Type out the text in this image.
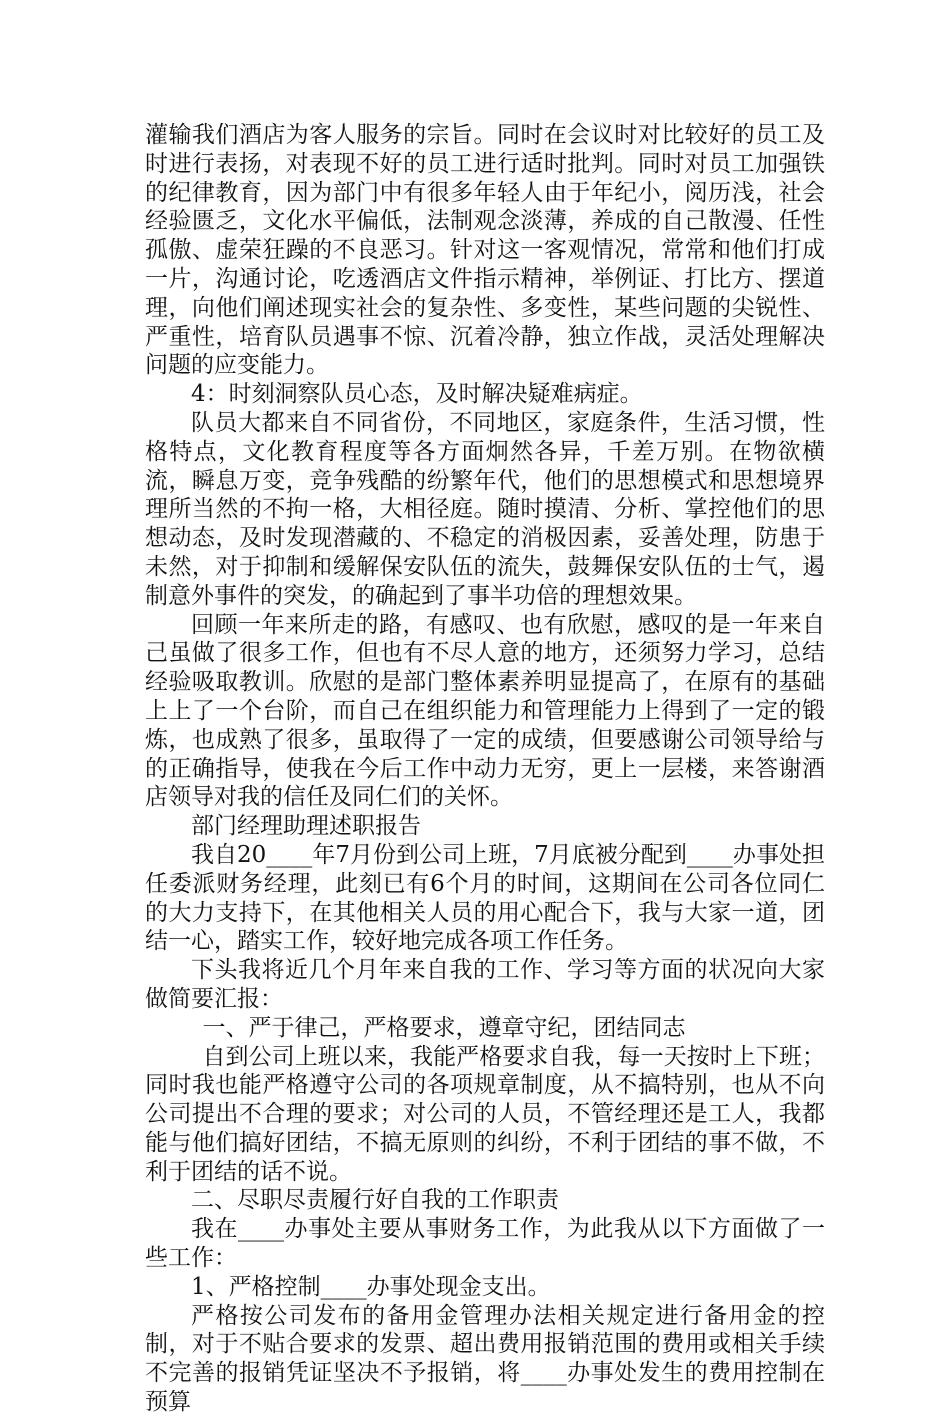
灌输我们酒店为客人服务的宗旨。同时在会议时对比较好的员工及时进行表扬，对表现不好的员工进行适时批判。同时对员工加强铁的纪律教育，因为部门中有很多年轻人由于年纪小，阅历浅，社会经验匮乏，文化水平偏低，法制观念淡薄，养成的自己散漫、任性孤傲、虚荣狂躁的不良恶习。针对这一客观情况，常常和他们打成一片，沟通讨论，吃透酒店文件指示精神，举例证、打比方、摆道理，向他们阐述现实社会的复杂性、多变性，某些问题的尖锐性、严重性，培育队员遇事不惊、沉着冷静，独立作战，灵活处理解决问题的应变能力。

4：时刻洞察队员心态，及时解决疑难病症。

队员大都来自不同省份，不同地区，家庭条件，生活习惯，性格特点，文化教育程度等各方面炯然各异，千差万别。在物欲横流，瞬息万变，竞争残酷的纷繁年代，他们的思想模式和思想境界理所当然的不拘一格，大相径庭。随时摸清、分析、掌控他们的思想动态，及时发现潜藏的、不稳定的消极因素，妥善处理，防患于未然，对于抑制和缓解保安队伍的流失，鼓舞保安队伍的士气，遏制意外事件的突发，的确起到了事半功倍的理想效果。

回顾一年来所走的路，有感叹、也有欣慰，感叹的是一年来自己虽做了很多工作，但也有不尽人意的地方，还须努力学习，总结经验吸取教训。欣慰的是部门整体素养明显提高了，在原有的基础上上了一个台阶，而自己在组织能力和管理能力上得到了一定的锻炼，也成熟了很多，虽取得了一定的成绩，但要感谢公司领导给与的正确指导，使我在今后工作中动力无穷，更上一层楼，来答谢酒店领导对我的信任及同仁们的关怀。

部门经理助理述职报告

我自20____年7月份到公司上班，7月底被分配到____办事处担任委派财务经理，此刻已有6个月的时间，这期间在公司各位同仁的大力支持下，在其他相关人员的用心配合下，我与大家一道，团结一心，踏实工作，较好地完成各项工作任务。

下头我将近几个月年来自我的工作、学习等方面的状况向大家做简要汇报：

一、严于律己，严格要求，遵章守纪，团结同志

自到公司上班以来，我能严格要求自我，每一天按时上下班；同时我也能严格遵守公司的各项规章制度，从不搞特别，也从不向公司提出不合理的要求；对公司的人员，不管经理还是工人，我都能与他们搞好团结，不搞无原则的纠纷，不利于团结的事不做，不利于团结的话不说。

二、尽职尽责履行好自我的工作职责

我在____办事处主要从事财务工作，为此我从以下方面做了一些工作：

1、严格控制____办事处现金支出。

严格按公司发布的备用金管理办法相关规定进行备用金的控制，对于不贴合要求的发票、超出费用报销范围的费用或相关手续不完善的报销凭证坚决不予报销，将____办事处发生的费用控制在预算
